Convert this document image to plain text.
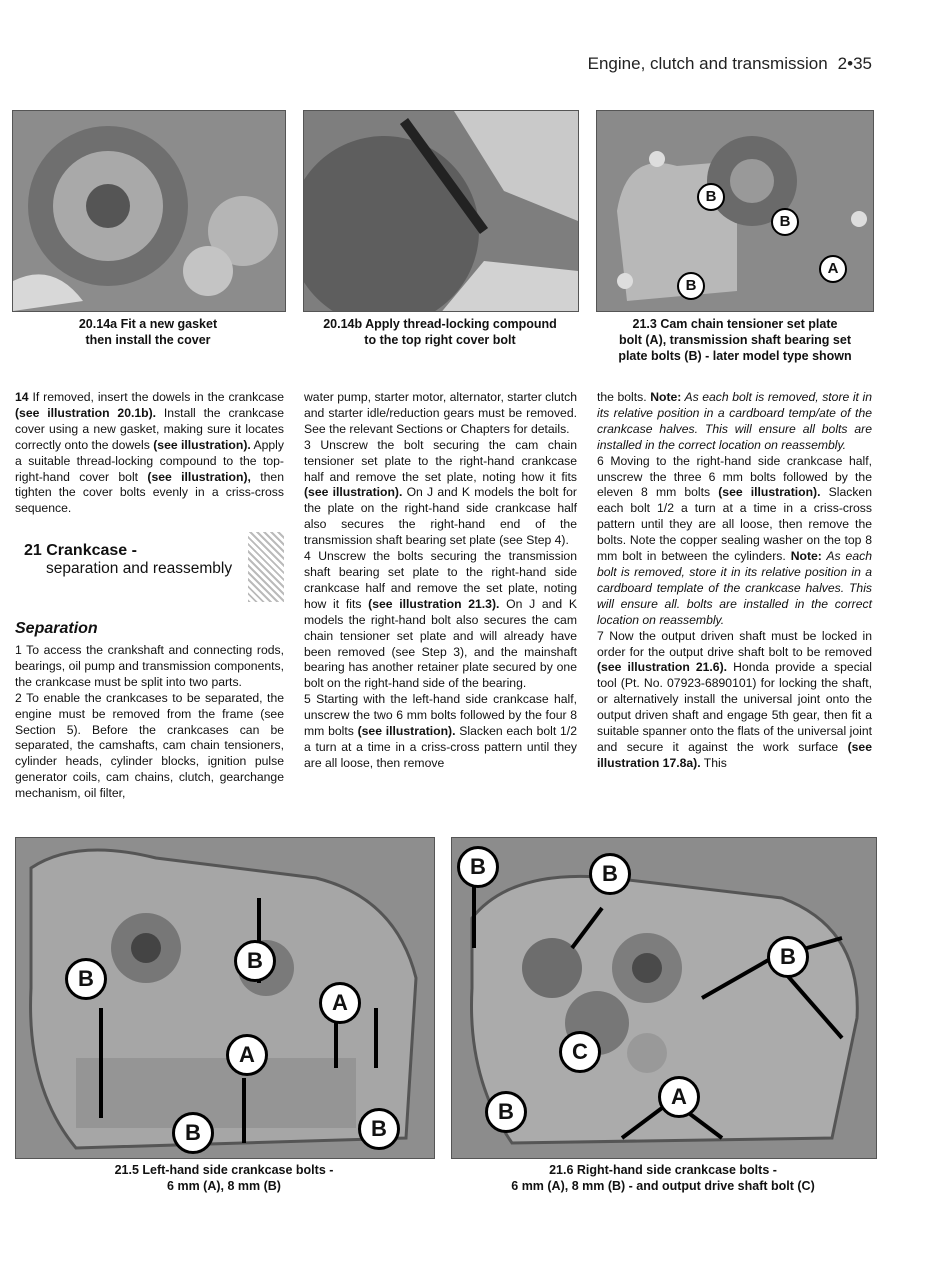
Engine, clutch and transmission 2•35
B
B
A
B
20.14a Fit a new gasket
then install the cover
20.14b Apply thread-locking compound
to the top right cover bolt
21.3 Cam chain tensioner set plate
bolt (A), transmission shaft bearing set
plate bolts (B) - later model type shown

14 If removed, insert the dowels in the crankcase (see illustration 20.1b). Install the crankcase cover using a new gasket, making sure it locates correctly onto the dowels (see illustration). Apply a suitable thread-locking compound to the top-right-hand cover bolt (see illustration), then tighten the cover bolts evenly in a criss-cross sequence.

21 Crankcase -
separation and reassembly
Separation

1 To access the crankshaft and connecting rods, bearings, oil pump and transmission components, the crankcase must be split into two parts.

2 To enable the crankcases to be separated, the engine must be removed from the frame (see Section 5). Before the crankcases can be separated, the camshafts, cam chain tensioners, cylinder heads, cylinder blocks, ignition pulse generator coils, cam chains, clutch, gearchange mechanism, oil filter,

water pump, starter motor, alternator, starter clutch and starter idle/reduction gears must be removed. See the relevant Sections or Chapters for details.

3 Unscrew the bolt securing the cam chain tensioner set plate to the right-hand crankcase half and remove the set plate, noting how it fits (see illustration). On J and K models the bolt for the plate on the right-hand side crankcase half also secures the right-hand end of the transmission shaft bearing set plate (see Step 4).

4 Unscrew the bolts securing the transmission shaft bearing set plate to the right-hand side crankcase half and remove the set plate, noting how it fits (see illustration 21.3). On J and K models the right-hand bolt also secures the cam chain tensioner set plate and will already have been removed (see Step 3), and the mainshaft bearing has another retainer plate secured by one bolt on the right-hand side of the bearing.

5 Starting with the left-hand side crankcase half, unscrew the two 6 mm bolts followed by the four 8 mm bolts (see illustration). Slacken each bolt 1/2 a turn at a time in a criss-cross pattern until they are all loose, then remove

the bolts. Note: As each bolt is removed, store it in its relative position in a cardboard temp/ate of the crankcase halves. This will ensure all bolts are installed in the correct location on reassembly.

6 Moving to the right-hand side crankcase half, unscrew the three 6 mm bolts followed by the eleven 8 mm bolts (see illustration). Slacken each bolt 1/2 a turn at a time in a criss-cross pattern until they are all loose, then remove the bolts. Note the copper sealing washer on the top 8 mm bolt in between the cylinders. Note: As each bolt is removed, store it in its relative position in a cardboard template of the crankcase halves. This will ensure all. bolts are installed in the correct location on reassembly.

7 Now the output driven shaft must be locked in order for the output drive shaft bolt to be removed (see illustration 21.6). Honda provide a special tool (Pt. No. 07923-6890101) for locking the shaft, or alternatively install the universal joint onto the output driven shaft and engage 5th gear, then fit a suitable spanner onto the flats of the universal joint and secure it against the work surface (see illustration 17.8a). This

B
B
A
A
B	B
B	B
B
C
A
B
21.5 Left-hand side crankcase bolts -
6 mm (A), 8 mm (B)
21.6 Right-hand side crankcase bolts -
6 mm (A), 8 mm (B) - and output drive shaft bolt (C)
